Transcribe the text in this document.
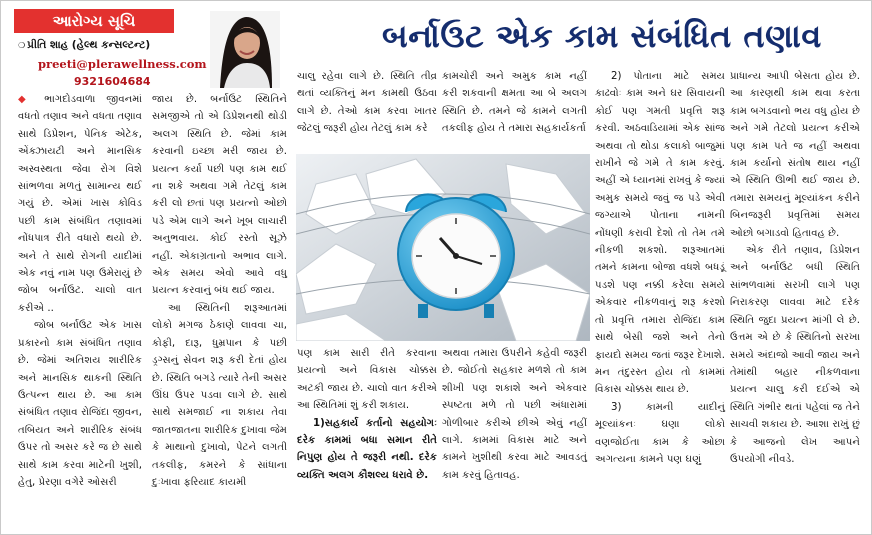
આરોગ્ય સૂચિ
❍ પ્રીતિ શાહ (હેલ્થ કન્સલ્ટન્ટ)
preeti@plerawellness.com
9321604684
બર્નાઉટ એક કામ સંબંધિત તણાવ

◆ ભાગદોડવાળા જીવનમાં વધતો તણાવ અને વધતા તણાવ સાથે ડિપ્રેશન, પેનિક એટેક, એંક્ઝાયટી અને માનસિક અસ્વસ્થતા જેવા રોગ વિશે સાંભળવા મળતું સામાન્ય થઈ ગયું છે. એમાં ખાસ કોવિડ પછી કામ સંબંધિત તણાવમાં નોંધપાત્ર રીતે વધારો થયો છે. અને તે સાથે રોગની યાદીમાં એક નવું નામ પણ ઉમેરાયું છે જોબ બર્નાઉટ. ચાલો વાત કરીએ ..

જોબ બર્નાઉટ એક ખાસ પ્રકારનો કામ સંબંધિત તણાવ છે. જેમાં અતિશય શારીરિક અને માનસિક થાકની સ્થિતિ ઉત્પન્ન થાય છે. આ કામ સંબંધિત તણાવ રોજિંદા જીવન, તબિયત અને શારીરિક સંબંધ ઉપર તો અસર કરે જ છે સાથે સાથે કામ કરવા માટેની ખુશી, હેતુ, પ્રેરણા વગેરે ઓસરી

જાય છે. બર્નાઉટ સ્થિતિને સમજીએ તો એ ડિપ્રેશનથી થોડી અલગ સ્થિતિ છે. જેમાં કામ કરવાની ઇચ્છા મરી જાય છે. પ્રયત્ન કર્યા પછી પણ કામ થઈ ના શકે અથવા ગમે તેટલું કામ કરી લો છતાં પણ પ્રયત્નો ઓછો પડે એમ લાગે અને ખૂબ લાચારી અનુભવાય. કોઈ રસ્તો સૂઝે નહીં. એકાગ્રતાનો અભાવ લાગે. એક સમય એવો આવે વધુ પ્રયત્ન કરવાનું બંધ થઈ જાય.

આ સ્થિતિની શરૂઆતમાં લોકો મગજ ઠેકાણે લાવવા ચા, કોફી, દારૂ, ધુમ્રપાન કે પછી ડ્રગ્સનું સેવન શરૂ કરી દેતાં હોય છે. સ્થિતિ બગડે ત્યારે તેની અસર ઊંઘ ઉપર પડવા લાગે છે. સાથે સાથે સમજાઈ ના શકાય તેવા જાતજાતના શારીરિક દુખાવા જેમ કે માથાનો દુખાવો, પેટને લગતી તકલીફ, કમરને કે સાંધાના દુઃખાવા ફરિયાદ કાયમી

ચાલુ રહેવા લાગે છે. સ્થિતિ તીવ્ર થતાં વ્યક્તિનું મન કામથી ઉઠવા લાગે છે. તેઓ કામ કરવા ખાતર જેટલું જરૂરી હોય તેટલું કામ કરે

કામચોરી અને અમુક કામ નહીં કરી શકવાની ક્ષમતા આ બે અલગ સ્થિતિ છે. તમને જે કામને લગતી તકલીફ હોય તે તમારા સહકાર્યકર્તા

પણ કામ સારી રીતે કરવાના પ્રયત્નો અને વિકાસ ચોક્કસ અટકી જાય છે. ચાલો વાત કરીએ આ સ્થિતિમાં શું કરી શકાય.

1)સહકાર્ય કર્તાનો સહયોગઃ દરેક કામમાં બધા સમાન રીતે નિપુણ હોય તે જરૂરી નથી. દરેક વ્યક્તિ અલગ કૌશલ્ય ધરાવે છે.

અથવા તમારા ઉપરીને કહેવી જરૂરી છે. જોઈતો સહકાર મળશે તો કામ શીખી પણ શકાશે અને એકવાર સ્પષ્ટતા મળે તો પછી અંધારામાં ગોળીબાર કરીએ છીએ એવું નહીં લાગે. કામમાં વિકાસ માટે અને કામને ખુશીથી કરવા માટે આવડતું કામ કરવું હિતાવહ.

2) પોતાના માટે સમય કાઢવોઃ કામ અને ઘર સિવાયની કોઈ પણ ગમતી પ્રવૃત્તિ શરૂ કરવી. અઠવાડિયામાં એક સાંજ અથવા તો થોડા કલાકો બાજુમાં રાખીને જે ગમે તે કામ કરવું. અહીં એ ધ્યાનમાં રાખવું કે જ્યાં અમુક સમયે જવું જ પડે એવી જગ્યાએ પોતાના નામની નોંધણી કરાવી દેશો તો તેમ તમે નીકળી શકશો. શરૂઆતમાં તમને કામના બોજા વધશે બધડૂં પડશે પણ નક્કી કરેલા સમયે એકવાર નીકળવાનું શરૂ કરશો તો પ્રવૃત્તિ તમારા રોજિંદા કામ સાથે બેસી જશે અને તેનો ફાયદો સમય જતાં જરૂર દેખાશે. મન તંદુરસ્ત હોય તો કામમાં વિકાસ ચોક્કસ થાય છે.

3) કામની યાદીનું મૂલ્યાંકનઃ ઘણા લોકો વણજોઈતા કામ કે ઓછા અગત્યના કામને પણ ઘણું

પ્રાધાન્ય આપી બેસતા હોય છે. આ કારણથી કામ થવા કરતા કામ બગડવાનો ભય વધુ હોય છે અને ગમે તેટલો પ્રયત્ન કરીએ પણ કામ પતે જ નહીં અથવા કામ કર્યાનો સંતોષ થાય નહીં એ સ્થિતિ ઊભી થઈ જાય છે. તમારા સમયનું મૂલ્યાંકન કરીને બિનજરૂરી પ્રવૃત્તિમાં સમય ઓછો બગાડવો હિતાવહ છે.

એક રીતે તણાવ, ડિપ્રેશન અને બર્નાઉટ બધી સ્થિતિ સાંભળવામાં સરખી લાગે પણ નિરાકરણ લાવવા માટે દરેક સ્થિતિ જુદા પ્રયત્ન માંગી લે છે. ઉત્તમ એ છે કે સ્થિતિનો સરખા સમયે અંદાજો આવી જાય અને તેમાંથી બહાર નીકળવાના પ્રયત્ન ચાલુ કરી દઈએ એ સ્થિતિ ગંભીર થતાં પહેલાં જ તેને સાચવી શકાય છે. આશા રાખું છું કે આજનો લેખ આપને ઉપયોગી નીવડે.
